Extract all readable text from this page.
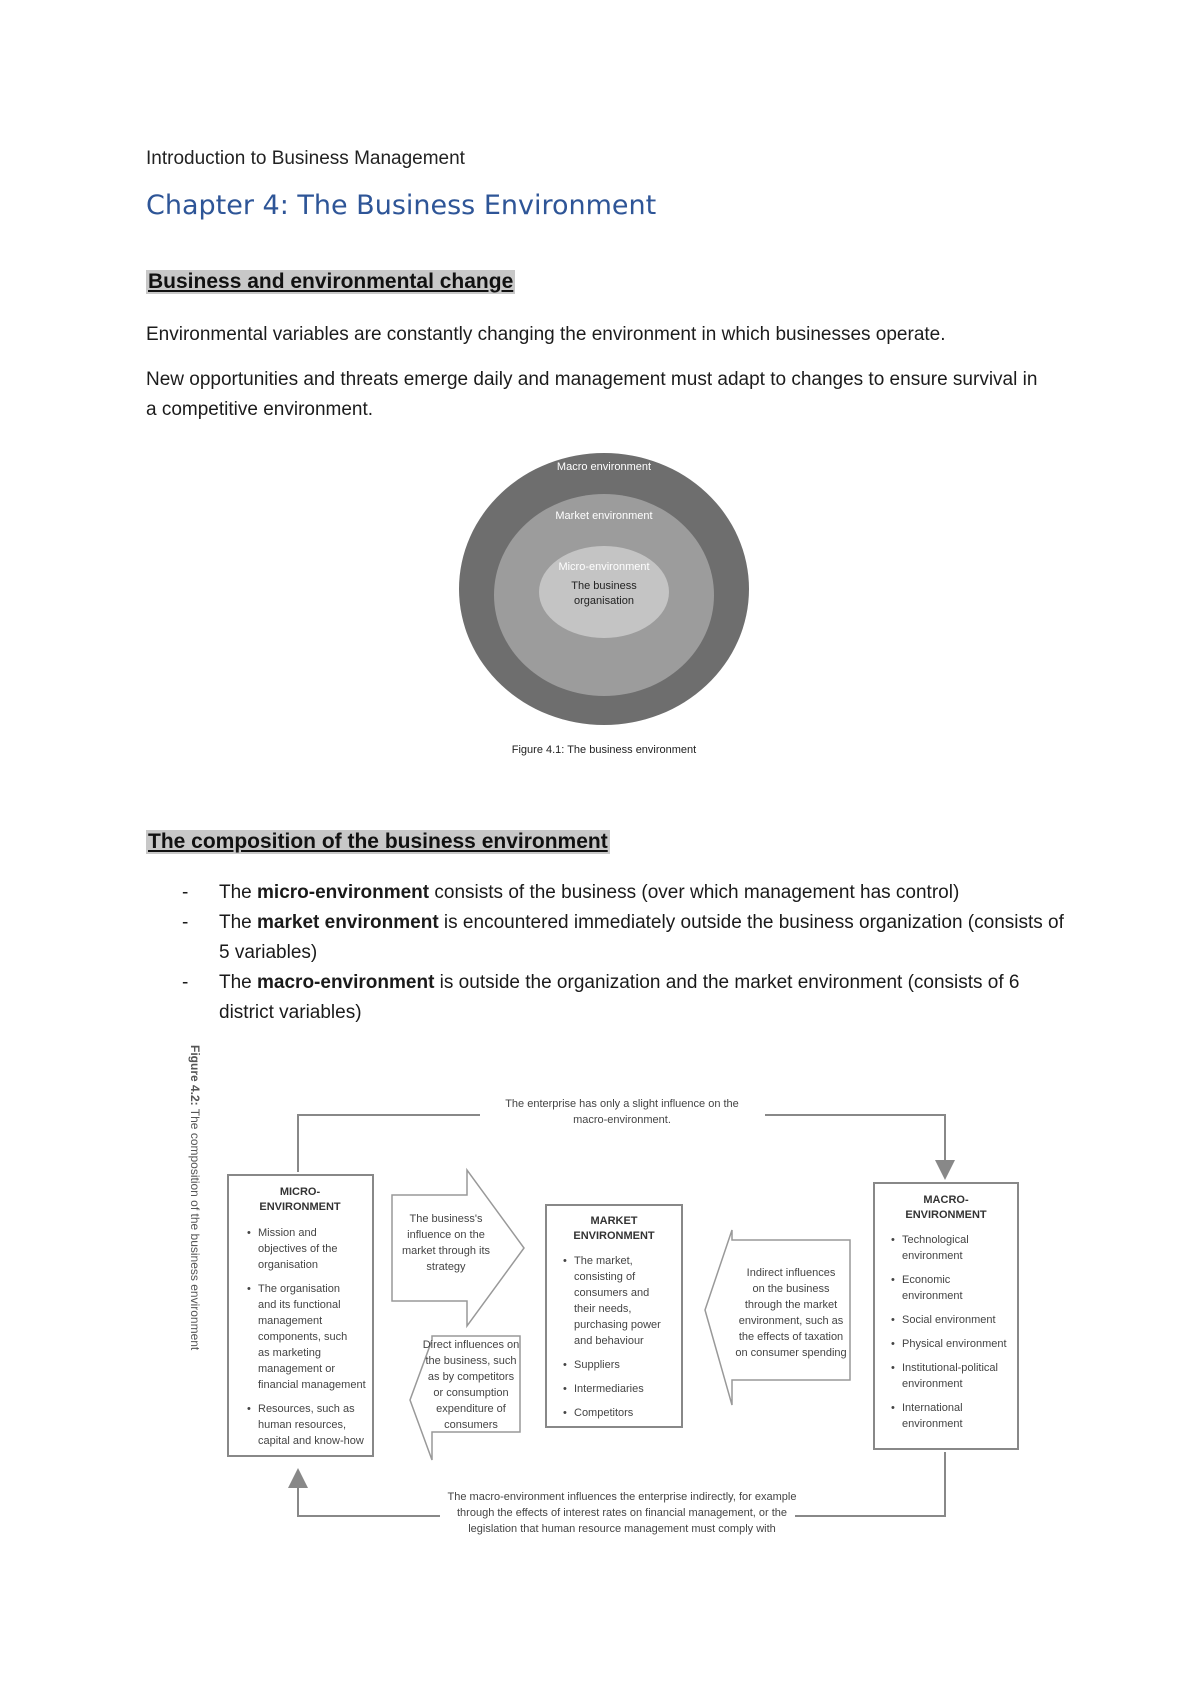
Introduction to Business Management
Chapter 4: The Business Environment
Business and environmental change
Environmental variables are constantly changing the environment in which businesses operate.
New opportunities and threats emerge daily and management must adapt to changes to ensure survival in a competitive environment.
Macro environment
Market environment
Micro-environment
The business
organisation
Figure 4.1: The business environment
The composition of the business environment
- The micro-environment consists of the business (over which management has control)
- The market environment is encountered immediately outside the business organization (consists of 5 variables)
- The macro-environment is outside the organization and the market environment (consists of 6 district variables)
Figure 4.2: The composition of the business environment
The enterprise has only a slight influence on the
macro-environment.
The macro-environment influences the enterprise indirectly, for example
through the effects of interest rates on financial management, or the
legislation that human resource management must comply with
MICRO-
ENVIRONMENT
• Mission and
objectives of the
organisation
• The organisation
and its functional
management
components, such
as marketing
management or
financial management
• Resources, such as
human resources,
capital and know-how
MARKET
ENVIRONMENT
• The market,
consisting of
consumers and
their needs,
purchasing power
and behaviour
• Suppliers
• Intermediaries
• Competitors
MACRO-
ENVIRONMENT
• Technological
environment
• Economic
environment
• Social environment
• Physical environment
• Institutional-political
environment
• International
environment
The business's
influence on the
market through its
strategy
Direct influences on
the business, such
as by competitors
or consumption
expenditure of
consumers
Indirect influences
on the business
through the market
environment, such as
the effects of taxation
on consumer spending
